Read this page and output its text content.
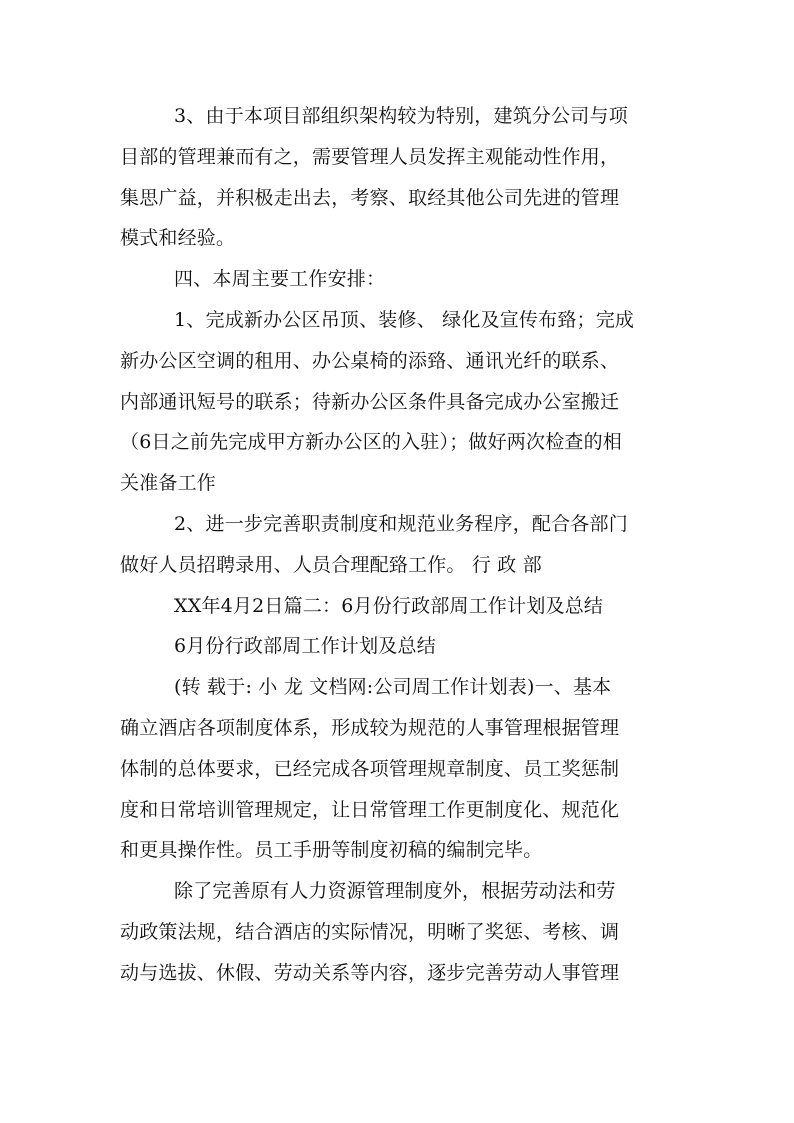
3、由于本项目部组织架构较为特别，建筑分公司与项
目部的管理兼而有之，需要管理人员发挥主观能动性作用，
集思广益，并积极走出去，考察、取经其他公司先进的管理
模式和经验。
四、本周主要工作安排：
1、完成新办公区吊顶、装修、 绿化及宣传布臵；完成
新办公区空调的租用、办公桌椅的添臵、通讯光纤的联系、
内部通讯短号的联系；待新办公区条件具备完成办公室搬迁
（6日之前先完成甲方新办公区的入驻）；做好两次检查的相
关准备工作
2、进一步完善职责制度和规范业务程序，配合各部门
做好人员招聘录用、人员合理配臵工作。 行 政 部
XX年4月2日篇二：6月份行政部周工作计划及总结
6月份行政部周工作计划及总结
(转 载于: 小 龙 文档网:公司周工作计划表)一、基本
确立酒店各项制度体系，形成较为规范的人事管理根据管理
体制的总体要求，已经完成各项管理规章制度、员工奖惩制
度和日常培训管理规定，让日常管理工作更制度化、规范化
和更具操作性。员工手册等制度初稿的编制完毕。
除了完善原有人力资源管理制度外，根据劳动法和劳
动政策法规，结合酒店的实际情况，明晰了奖惩、考核、调
动与选拔、休假、劳动关系等内容，逐步完善劳动人事管理
